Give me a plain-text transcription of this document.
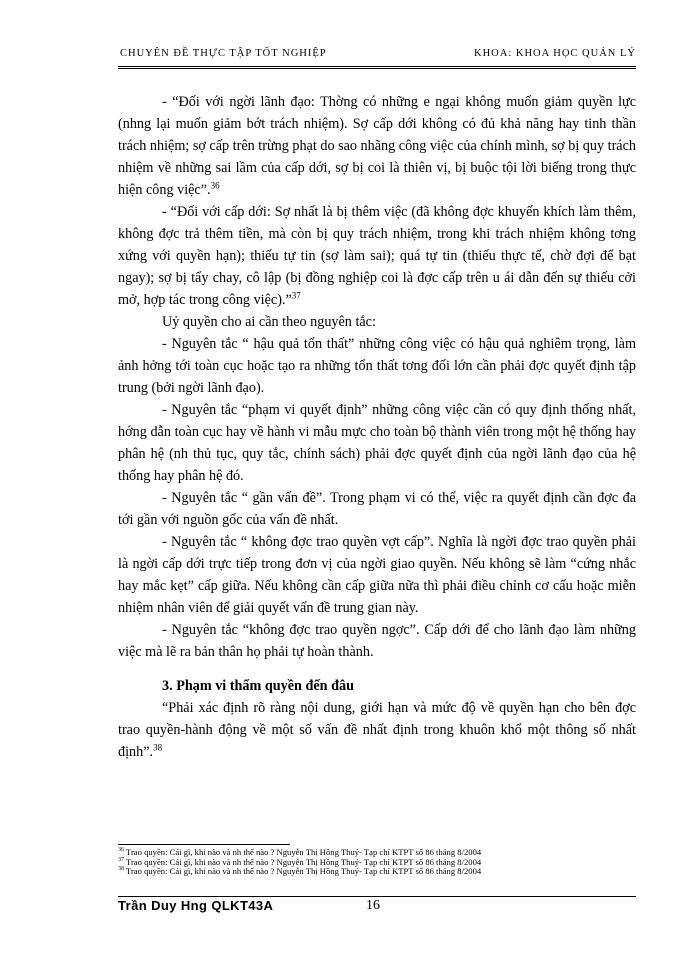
CHUYÊN ĐỀ THỰC TẬP TỐT NGHIỆP	KHOA: KHOA HỌC QUẢN LÝ

- “Đối với ngời lãnh đạo: Thờng có những e ngại không muốn giảm quyền lực (nhng lại muốn giảm bớt trách nhiệm). Sợ cấp dới không có đủ khả năng hay tinh thần trách nhiệm; sợ cấp trên trừng phạt do sao nhãng công việc của chính mình, sợ bị quy trách nhiệm về những sai lầm của cấp dới, sợ bị coi là thiên vị, bị buộc tội lời biếng trong thực hiện công việc”.$^{36}$

- “Đối với cấp dới: Sợ nhất là bị thêm việc (đã không đợc khuyến khích làm thêm, không đợc trả thêm tiền, mà còn bị quy trách nhiệm, trong khi trách nhiệm không tơng xứng với quyền hạn); thiếu tự tin (sợ làm sai); quá tự tin (thiếu thực tế, chờ đợi để bạt ngay); sợ bị tẩy chay, cô lập (bị đồng nghiệp coi là đợc cấp trên u ái dẫn đến sự thiếu cởi mở, hợp tác trong công việc).”$^{37}$

Uỷ quyền cho ai cần theo nguyên tắc:

- Nguyên tắc “ hậu quả tổn thất” những công việc có hậu quả nghiêm trọng, làm ảnh hởng tới toàn cục hoặc tạo ra những tổn thất tơng đối lớn cần phải đợc quyết định tập trung (bởi ngời lãnh đạo).

- Nguyên tắc “phạm vi quyết định” những công việc cần có quy định thống nhất, hớng dẫn toàn cục hay về hành vi mẫu mực cho toàn bộ thành viên trong một hệ thống hay phân hệ (nh thủ tục, quy tắc, chính sách) phải đợc quyết định của ngời lãnh đạo của hệ thống hay phân hệ đó.

- Nguyên tắc “ gần vấn đề”. Trong phạm vi có thể, việc ra quyết định cần đợc đa tới gần với nguồn gốc của vấn đề nhất.

- Nguyên tắc “ không đợc trao quyền vợt cấp”. Nghĩa là ngời đợc trao quyền phải là ngời cấp dới trực tiếp trong đơn vị của ngời giao quyền. Nếu không sẽ làm “cứng nhắc hay mắc kẹt” cấp giữa. Nếu không cần cấp giữa nữa thì phải điều chỉnh cơ cấu hoặc miễn nhiệm nhân viên để giải quyết vấn đề trung gian này.

- Nguyên tắc “không đợc trao quyền ngợc”. Cấp dới để cho lãnh đạo làm những việc mà lẽ ra bản thân họ phải tự hoàn thành.

3. Phạm vi thẩm quyền đến đâu

“Phải xác định rõ ràng nội dung, giới hạn và mức độ về quyền hạn cho bên đợc trao quyền-hành động về một số vấn đề nhất định trong khuôn khổ một thông số nhất định”.$^{38}$

$^{36}$ Trao quyền: Cái gì, khi nào và nh thế nào ? Nguyễn Thị Hồng Thuỷ- Tạp chí KTPT số 86 tháng 8/2004
$^{37}$ Trao quyền: Cái gì, khi nào và nh thế nào ? Nguyễn Thị Hồng Thuỷ- Tạp chí KTPT số 86 tháng 8/2004
$^{38}$ Trao quyền: Cái gì, khi nào và nh thế nào ? Nguyễn Thị Hồng Thuỷ- Tạp chí KTPT số 86 tháng 8/2004
Trần Duy Hng QLKT43A	16
